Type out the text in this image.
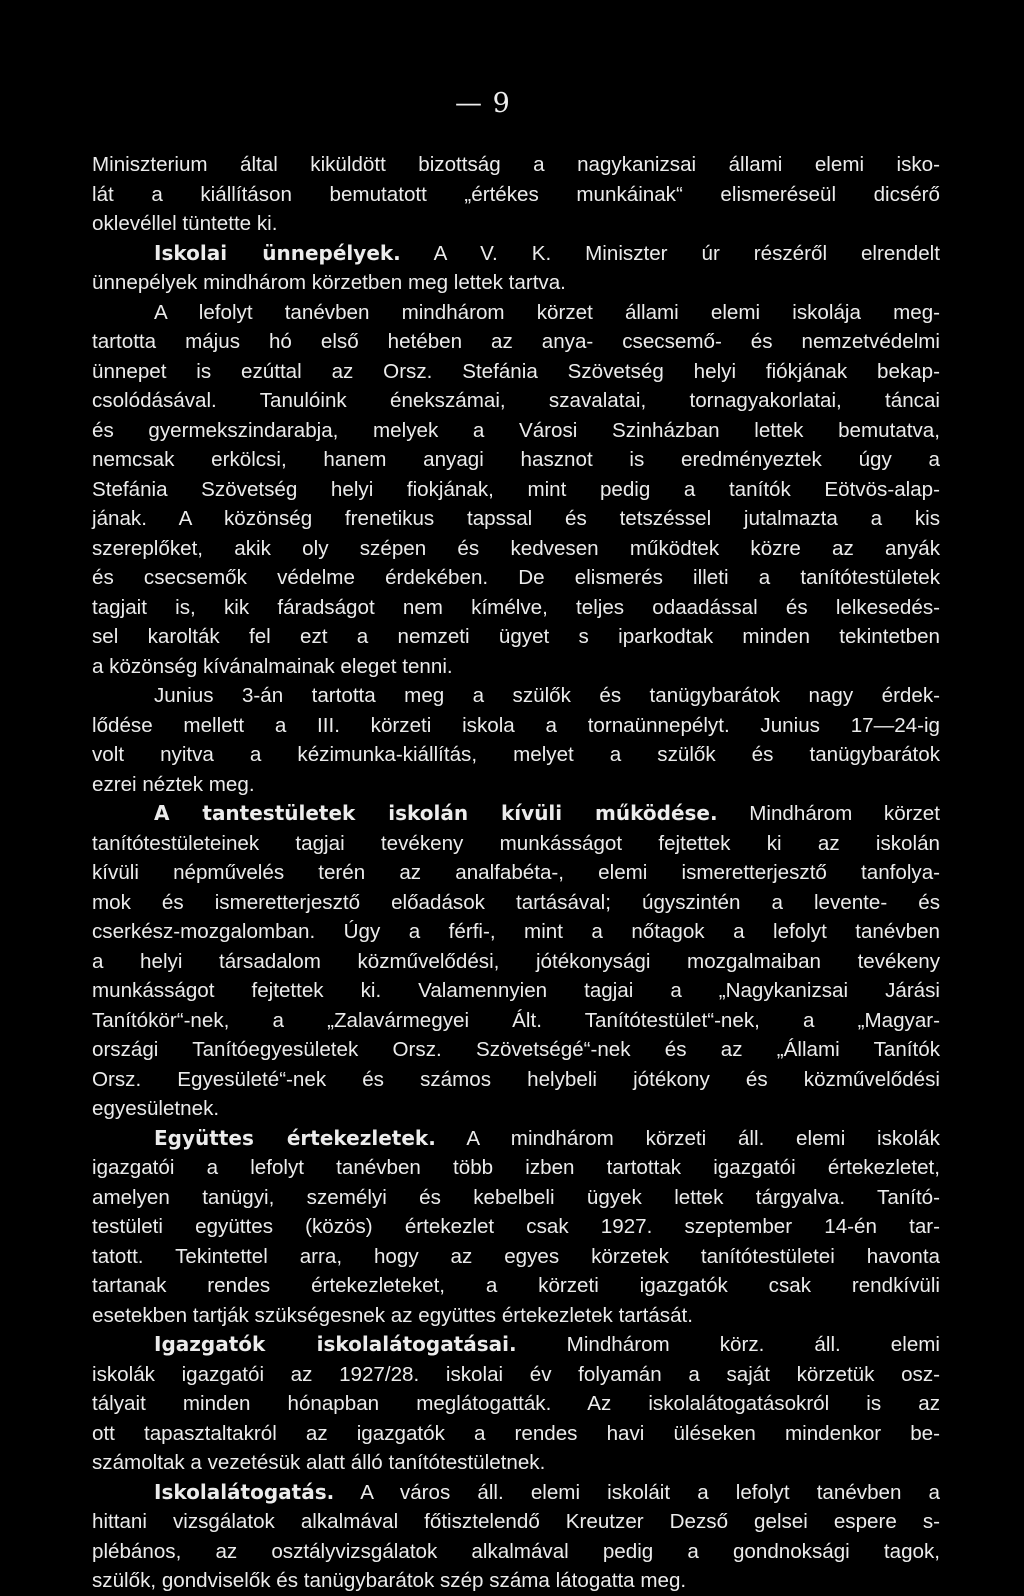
— 9
Miniszterium által kiküldött bizottság a nagykanizsai állami elemi isko-
lát a kiállításon bemutatott „értékes munkáinak“ elismeréseül dicsérő
oklevéllel tüntette ki.
Iskolai ünnepélyek. A V. K. Miniszter úr részéről elrendelt
ünnepélyek mindhárom körzetben meg lettek tartva.
A lefolyt tanévben mindhárom körzet állami elemi iskolája meg-
tartotta május hó első hetében az anya- csecsemő- és nemzetvédelmi
ünnepet is ezúttal az Orsz. Stefánia Szövetség helyi fiókjának bekap-
csolódásával. Tanulóink énekszámai, szavalatai, tornagyakorlatai, táncai
és gyermekszindarabja, melyek a Városi Szinházban lettek bemutatva,
nemcsak erkölcsi, hanem anyagi hasznot is eredményeztek úgy a
Stefánia Szövetség helyi fiokjának, mint pedig a tanítók Eötvös-alap-
jának. A közönség frenetikus tapssal és tetszéssel jutalmazta a kis
szereplőket, akik oly szépen és kedvesen működtek közre az anyák
és csecsemők védelme érdekében. De elismerés illeti a tanítótestületek
tagjait is, kik fáradságot nem kímélve, teljes odaadással és lelkesedés-
sel karolták fel ezt a nemzeti ügyet s iparkodtak minden tekintetben
a közönség kívánalmainak eleget tenni.
Junius 3-án tartotta meg a szülők és tanügybarátok nagy érdek-
lődése mellett a III. körzeti iskola a tornaünnepélyt. Junius 17—24-ig
volt nyitva a kézimunka-kiállítás, melyet a szülők és tanügybarátok
ezrei néztek meg.
A tantestületek iskolán kívüli működése. Mindhárom körzet
tanítótestületeinek tagjai tevékeny munkásságot fejtettek ki az iskolán
kívüli népművelés terén az analfabéta-, elemi ismeretterjesztő tanfolya-
mok és ismeretterjesztő előadások tartásával; úgyszintén a levente- és
cserkész-mozgalomban. Úgy a férfi-, mint a nőtagok a lefolyt tanévben
a helyi társadalom közművelődési, jótékonysági mozgalmaiban tevékeny
munkásságot fejtettek ki. Valamennyien tagjai a „Nagykanizsai Járási
Tanítókör“-nek, a „Zalavármegyei Ált. Tanítótestület“-nek, a „Magyar-
országi Tanítóegyesületek Orsz. Szövetségé“-nek és az „Állami Tanítók
Orsz. Egyesületé“-nek és számos helybeli jótékony és közművelődési
egyesületnek.
Együttes értekezletek. A mindhárom körzeti áll. elemi iskolák
igazgatói a lefolyt tanévben több izben tartottak igazgatói értekezletet,
amelyen tanügyi, személyi és kebelbeli ügyek lettek tárgyalva. Tanító-
testületi együttes (közös) értekezlet csak 1927. szeptember 14-én tar-
tatott. Tekintettel arra, hogy az egyes körzetek tanítótestületei havonta
tartanak rendes értekezleteket, a körzeti igazgatók csak rendkívüli
esetekben tartják szükségesnek az együttes értekezletek tartását.
Igazgatók iskolalátogatásai. Mindhárom körz. áll. elemi
iskolák igazgatói az 1927/28. iskolai év folyamán a saját körzetük osz-
tályait minden hónapban meglátogatták. Az iskolalátogatásokról is az
ott tapasztaltakról az igazgatók a rendes havi üléseken mindenkor be-
számoltak a vezetésük alatt álló tanítótestületnek.
Iskolalátogatás. A város áll. elemi iskoláit a lefolyt tanévben a
hittani vizsgálatok alkalmával főtisztelendő Kreutzer Dezső gelsei espere s-
plébános, az osztályvizsgálatok alkalmával pedig a gondnoksági tagok,
szülők, gondviselők és tanügybarátok szép száma látogatta meg.
